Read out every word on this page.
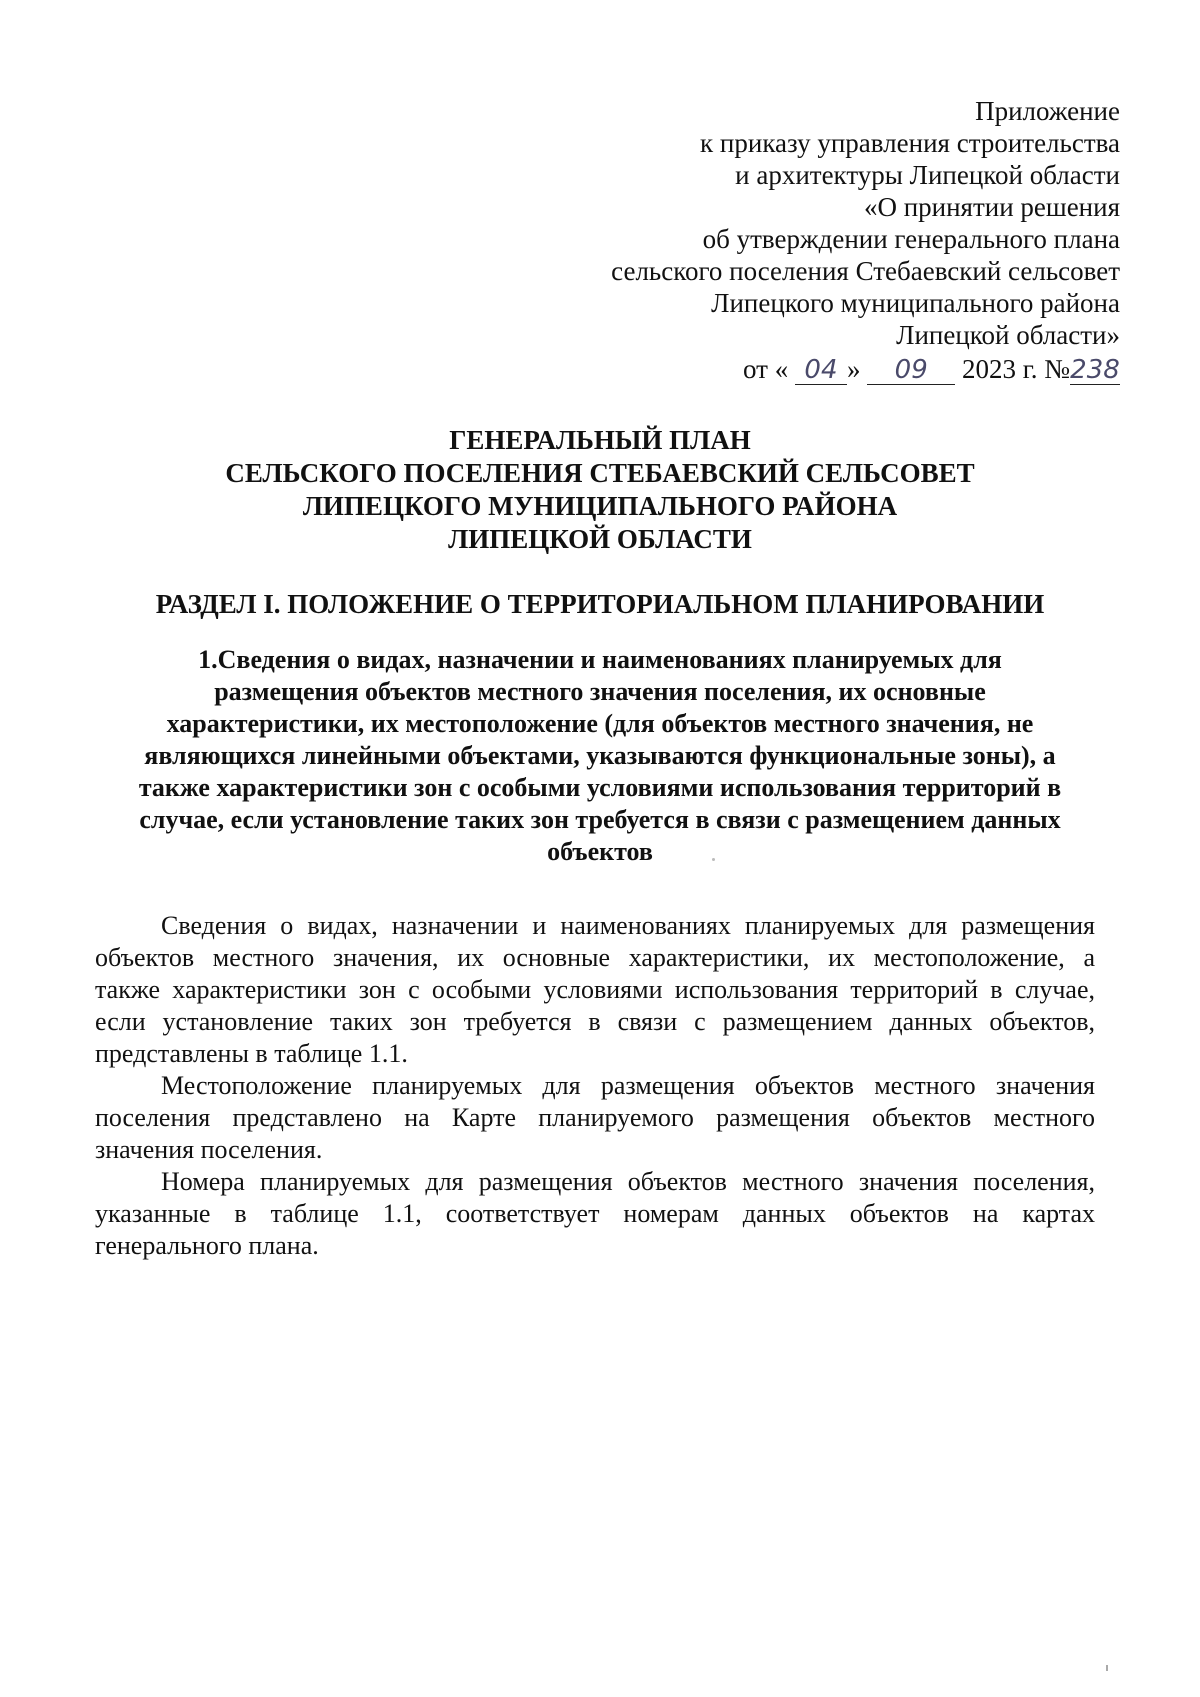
Приложение
к приказу управления строительства
и архитектуры Липецкой области
«О принятии решения
об утверждении генерального плана
сельского поселения Стебаевский сельсовет
Липецкого муниципального района
Липецкой области»
от « 04 » 09 2023 г. №238
ГЕНЕРАЛЬНЫЙ ПЛАН
СЕЛЬСКОГО ПОСЕЛЕНИЯ СТЕБАЕВСКИЙ СЕЛЬСОВЕТ
ЛИПЕЦКОГО МУНИЦИПАЛЬНОГО РАЙОНА
ЛИПЕЦКОЙ ОБЛАСТИ
РАЗДЕЛ I. ПОЛОЖЕНИЕ О ТЕРРИТОРИАЛЬНОМ ПЛАНИРОВАНИИ
1.Сведения о видах, назначении и наименованиях планируемых для
размещения объектов местного значения поселения, их основные
характеристики, их местоположение (для объектов местного значения, не
являющихся линейными объектами, указываются функциональные зоны), а
также характеристики зон с особыми условиями использования территорий в
случае, если установление таких зон требуется в связи с размещением данных
объектов
Сведения о видах, назначении и наименованиях планируемых для размещения
объектов местного значения, их основные характеристики, их местоположение, а
также характеристики зон с особыми условиями использования территорий в случае,
если установление таких зон требуется в связи с размещением данных объектов,
представлены в таблице 1.1.
Местоположение планируемых для размещения объектов местного значения
поселения представлено на Карте планируемого размещения объектов местного
значения поселения.
Номера планируемых для размещения объектов местного значения поселения,
указанные в таблице 1.1, соответствует номерам данных объектов на картах
генерального плана.
